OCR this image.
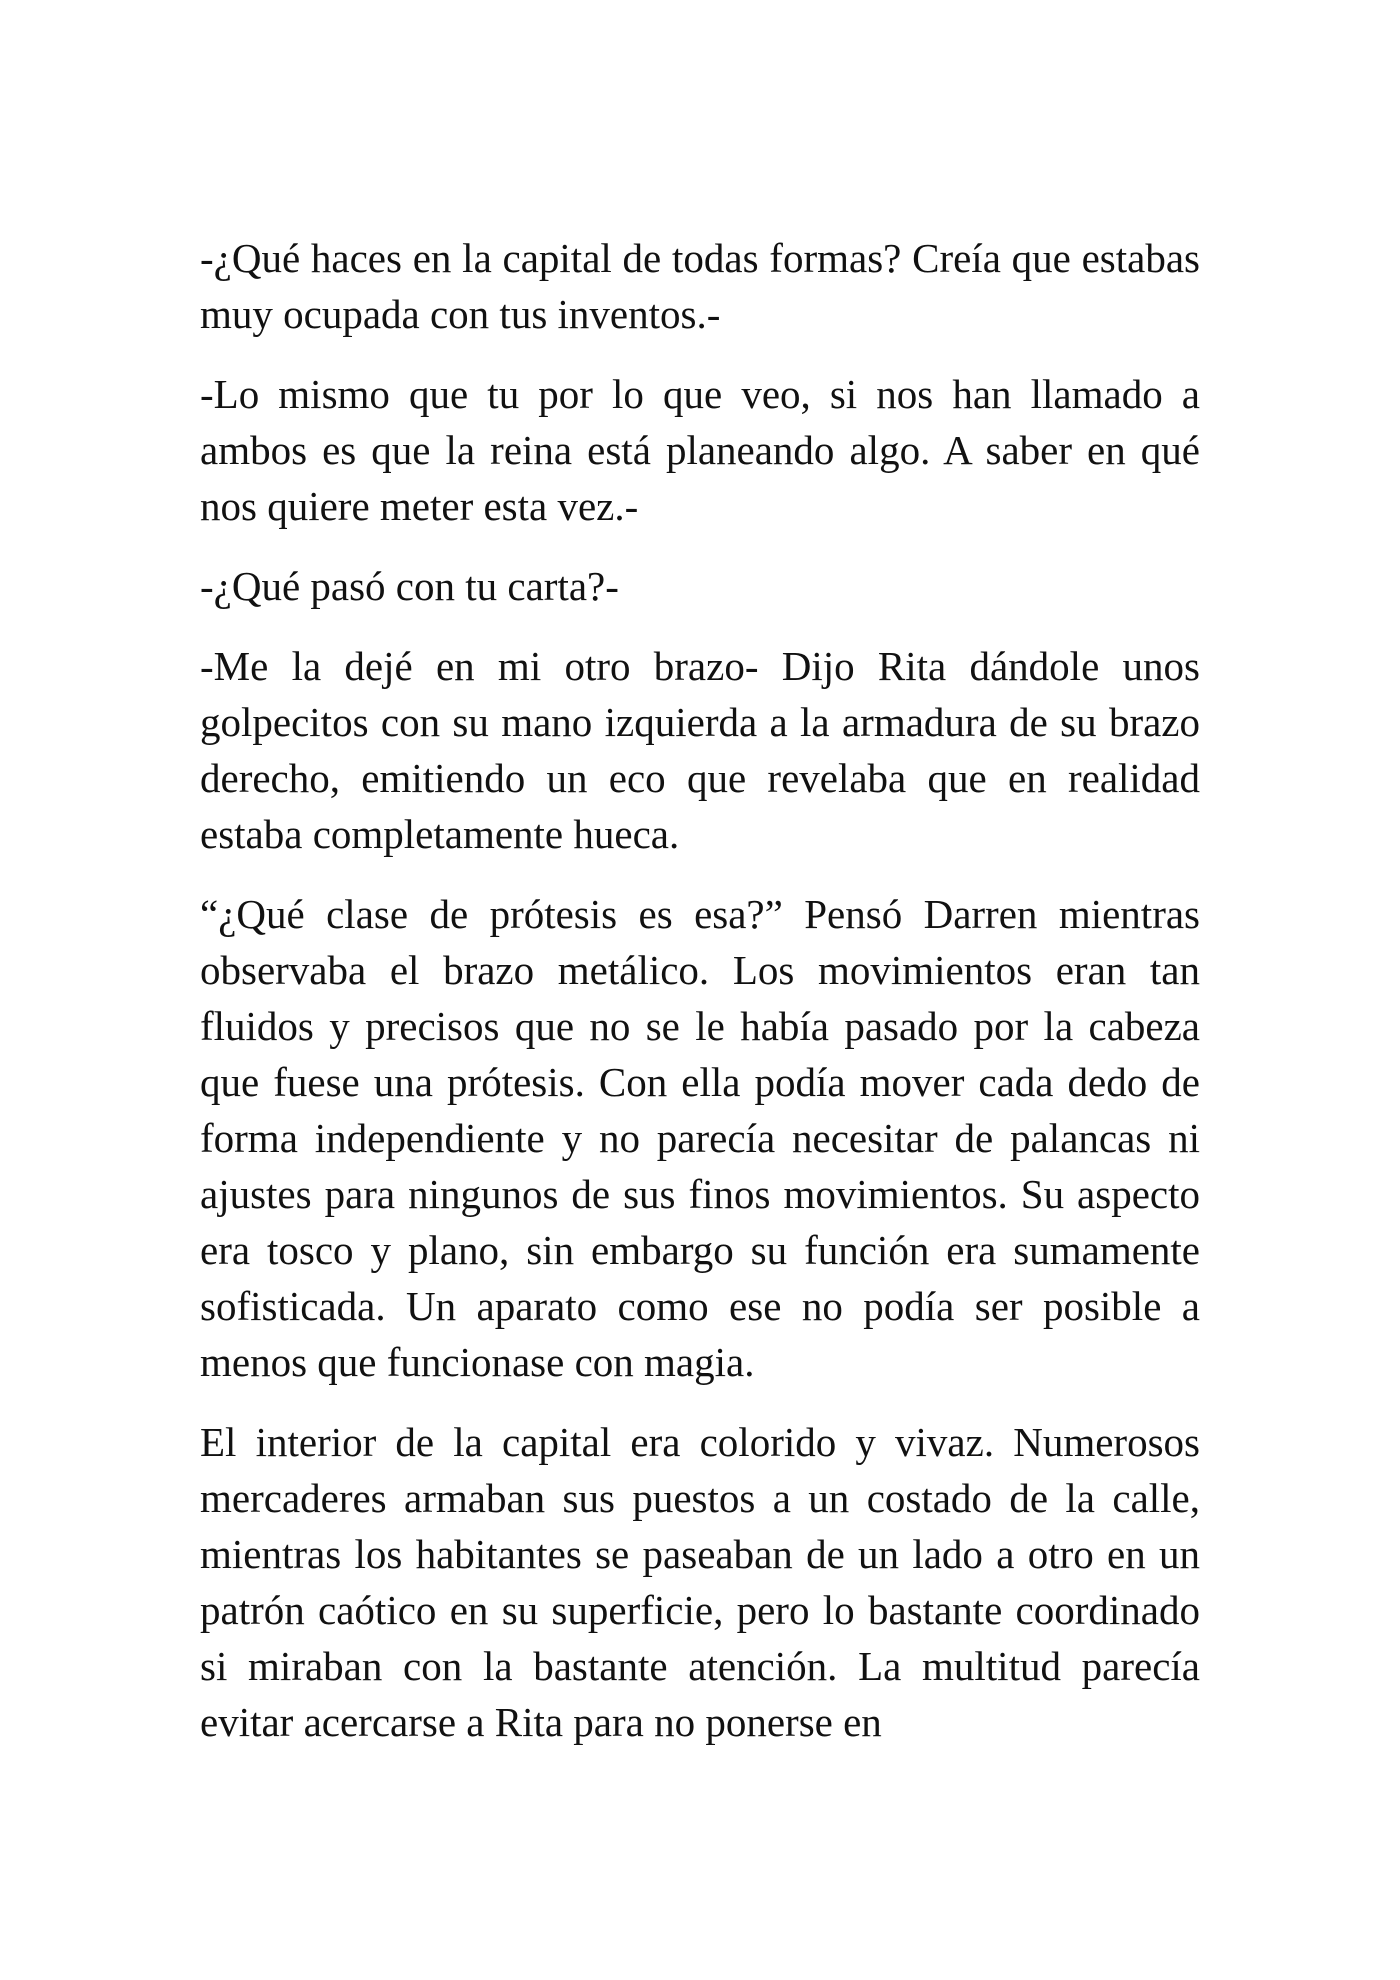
-¿Qué haces en la capital de todas formas? Creía que estabas muy ocupada con tus inventos.-

-Lo mismo que tu por lo que veo, si nos han llamado a ambos es que la reina está planeando algo. A saber en qué nos quiere meter esta vez.-

-¿Qué pasó con tu carta?-

-Me la dejé en mi otro brazo- Dijo Rita dándole unos golpecitos con su mano izquierda a la armadura de su brazo derecho, emitiendo un eco que revelaba que en realidad estaba completamente hueca.

“¿Qué clase de prótesis es esa?” Pensó Darren mientras observaba el brazo metálico. Los movimientos eran tan fluidos y precisos que no se le había pasado por la cabeza que fuese una prótesis. Con ella podía mover cada dedo de forma independiente y no parecía necesitar de palancas ni ajustes para ningunos de sus finos movimientos. Su aspecto era tosco y plano, sin embargo su función era sumamente sofisticada. Un aparato como ese no podía ser posible a menos que funcionase con magia.

El interior de la capital era colorido y vivaz. Numerosos mercaderes armaban sus puestos a un costado de la calle, mientras los habitantes se paseaban de un lado a otro en un patrón caótico en su superficie, pero lo bastante coordinado si miraban con la bastante atención. La multitud parecía evitar acercarse a Rita para no ponerse en
